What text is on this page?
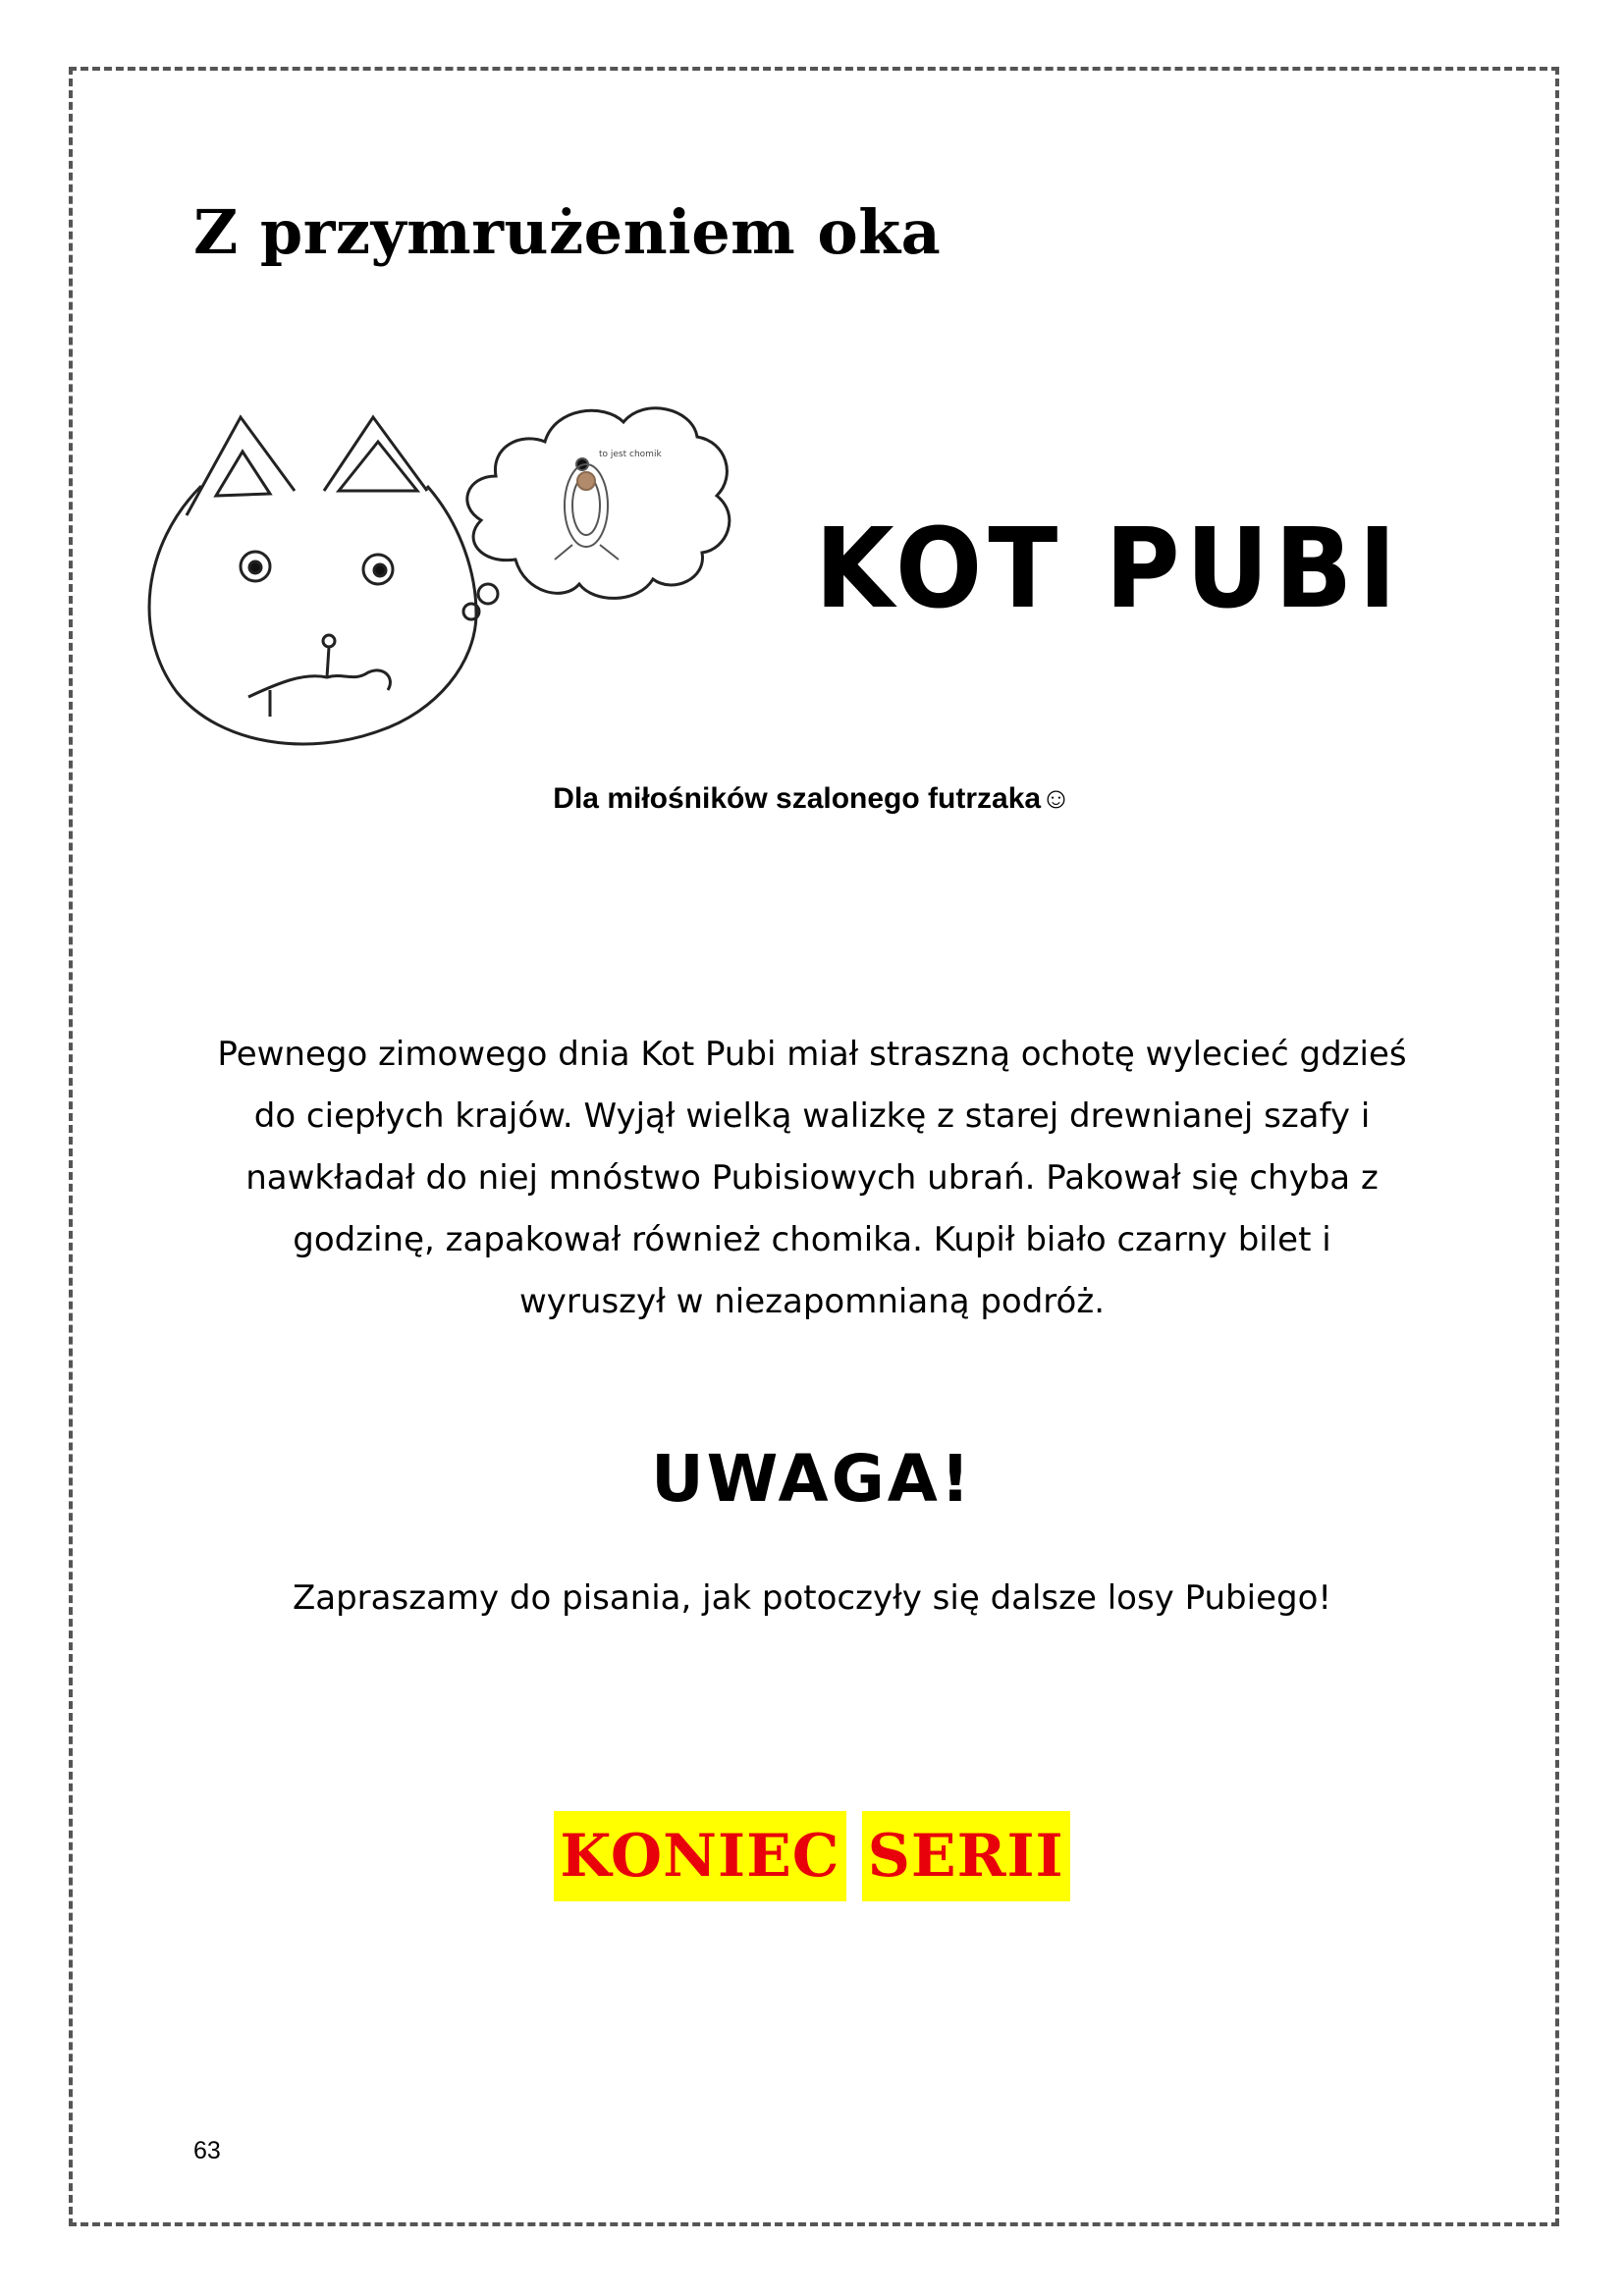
Z przymrużeniem oka
to jest chomik
KOT PUBI
Dla miłośników szalonego futrzaka☺

Pewnego zimowego dnia Kot Pubi miał straszną ochotę wylecieć gdzieś

do ciepłych krajów. Wyjął wielką walizkę z starej drewnianej szafy i

nawkładał do niej mnóstwo Pubisiowych ubrań. Pakował się chyba z

godzinę, zapakował również chomika. Kupił biało czarny bilet i

wyruszył w niezapomnianą podróż.

UWAGA!
Zapraszamy do pisania, jak potoczyły się dalsze losy Pubiego!
KONIEC SERII
63
